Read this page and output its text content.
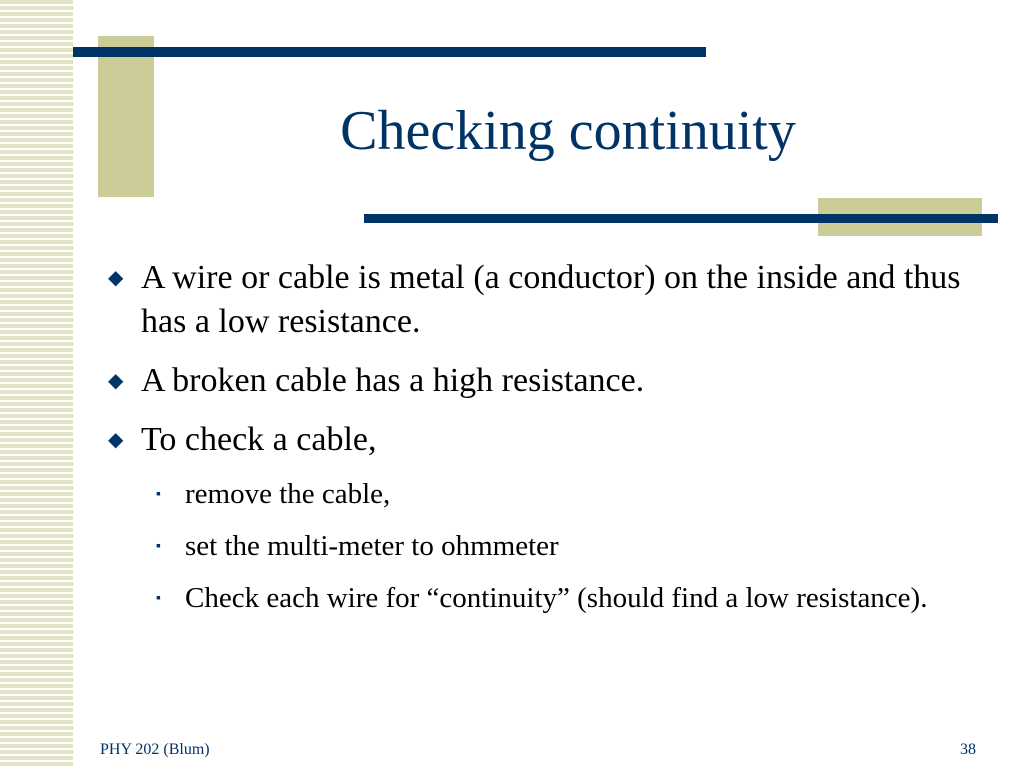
Checking continuity
◆ A wire or cable is metal (a conductor) on the inside and thus has a low resistance.
◆ A broken cable has a high resistance.
◆ To check a cable,
▪ remove the cable,
▪ set the multi-meter to ohmmeter
▪ Check each wire for “continuity” (should find a low resistance).
PHY 202 (Blum)	38
